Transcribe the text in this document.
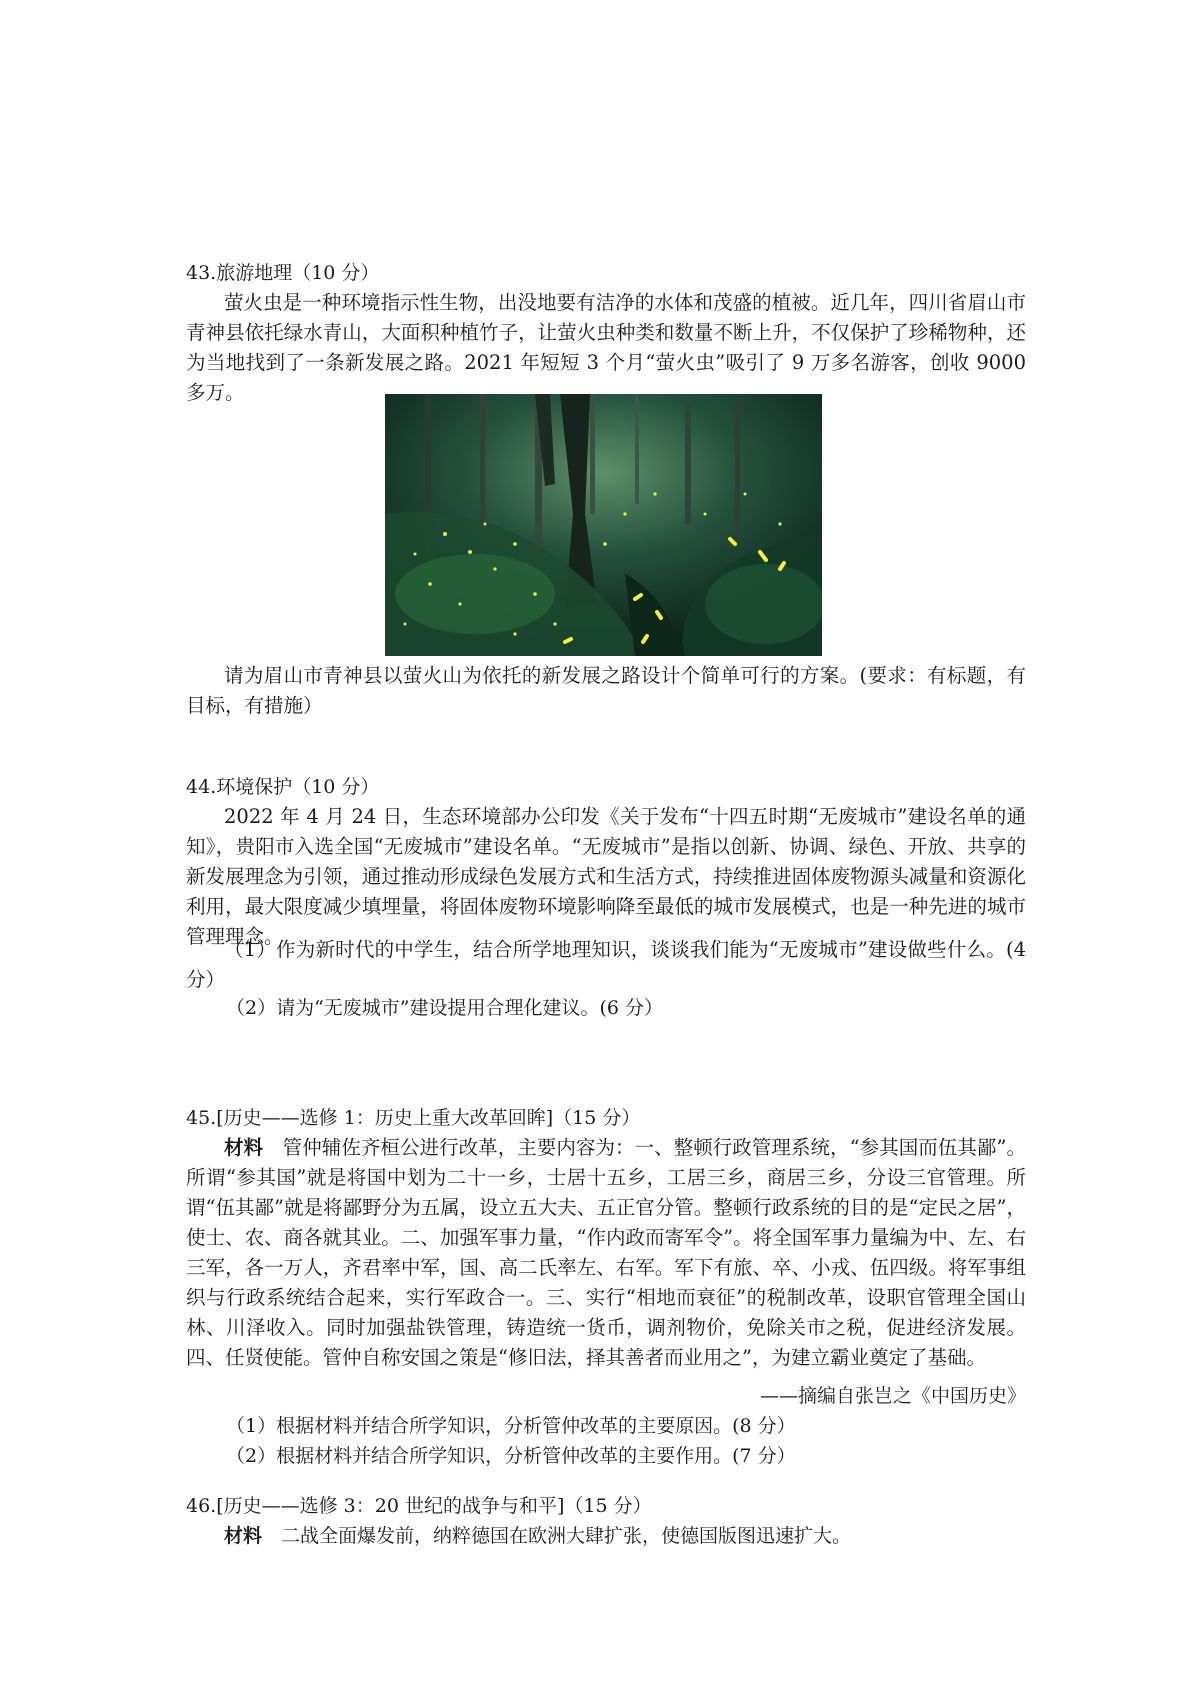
43.旅游地理（10 分）
萤火虫是一种环境指示性生物，出没地要有洁净的水体和茂盛的植被。近几年，四川省眉山市青神县依托绿水青山，大面积种植竹子，让萤火虫种类和数量不断上升，不仅保护了珍稀物种，还为当地找到了一条新发展之路。2021 年短短 3 个月“萤火虫”吸引了 9 万多名游客，创收 9000 多万。
请为眉山市青神县以萤火山为依托的新发展之路设计个简单可行的方案。(要求：有标题，有目标，有措施）
44.环境保护（10 分）
2022 年 4 月 24 日，生态环境部办公印发《关于发布“十四五时期“无废城市”建设名单的通知》，贵阳市入选全国“无废城市”建设名单。“无废城市”是指以创新、协调、绿色、开放、共享的新发展理念为引领，通过推动形成绿色发展方式和生活方式，持续推进固体废物源头减量和资源化利用，最大限度减少填埋量，将固体废物环境影响降至最低的城市发展模式，也是一种先进的城市管理理念。
（1）作为新时代的中学生，结合所学地理知识，谈谈我们能为“无废城市”建设做些什么。(4 分）
（2）请为“无废城市”建设提用合理化建议。(6 分）
45.[历史——选修 1：历史上重大改革回眸]（15 分）
材料　 管仲辅佐齐桓公进行改革，主要内容为：一、整顿行政管理系统，“参其国而伍其鄙”。所谓“参其国”就是将国中划为二十一乡，士居十五乡，工居三乡，商居三乡，分设三官管理。所谓“伍其鄙”就是将鄙野分为五属，设立五大夫、五正官分管。整顿行政系统的目的是“定民之居”，使士、农、商各就其业。二、加强军事力量，“作内政而寄军令”。将全国军事力量编为中、左、右三军，各一万人，齐君率中军，国、高二氏率左、右军。军下有旅、卒、小戎、伍四级。将军事组织与行政系统结合起来，实行军政合一。三、实行“相地而衰征”的税制改革，设职官管理全国山林、川泽收入。同时加强盐铁管理，铸造统一货币，调剂物价，免除关市之税，促进经济发展。四、任贤使能。管仲自称安国之策是“修旧法，择其善者而业用之”，为建立霸业奠定了基础。
——摘编自张岂之《中国历史》
（1）根据材料并结合所学知识，分析管仲改革的主要原因。(8 分）
（2）根据材料并结合所学知识，分析管仲改革的主要作用。(7 分）
46.[历史——选修 3：20 世纪的战争与和平]（15 分）
材料　 二战全面爆发前，纳粹德国在欧洲大肆扩张，使德国版图迅速扩大。
